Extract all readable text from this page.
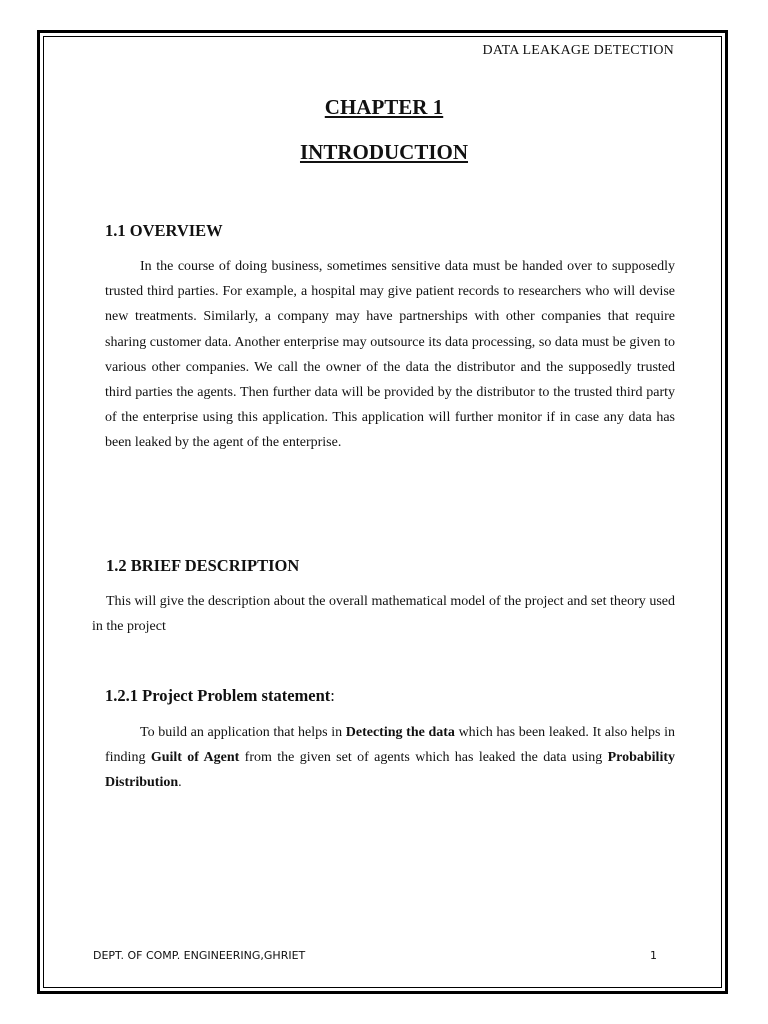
DATA LEAKAGE DETECTION
CHAPTER 1
INTRODUCTION
1.1 OVERVIEW
In the course of doing business, sometimes sensitive data must be handed over to supposedly trusted third parties. For example, a hospital may give patient records to researchers who will devise new treatments. Similarly, a company may have partnerships with other companies that require sharing customer data. Another enterprise may outsource its data processing, so data must be given to various other companies. We call the owner of the data the distributor and the supposedly trusted third parties the agents. Then further data will be provided by the distributor to the trusted third party of the enterprise using this application. This application will further monitor if in case any data has been leaked by the agent of the enterprise.
1.2 BRIEF DESCRIPTION
This will give the description about the overall mathematical model of the project and set theory used in the project
1.2.1 Project Problem statement:
To build an application that helps in Detecting the data which has been leaked. It also helps in finding Guilt of Agent from the given set of agents which has leaked the data using Probability Distribution.
DEPT. OF COMP. ENGINEERING,GHRIET	1
